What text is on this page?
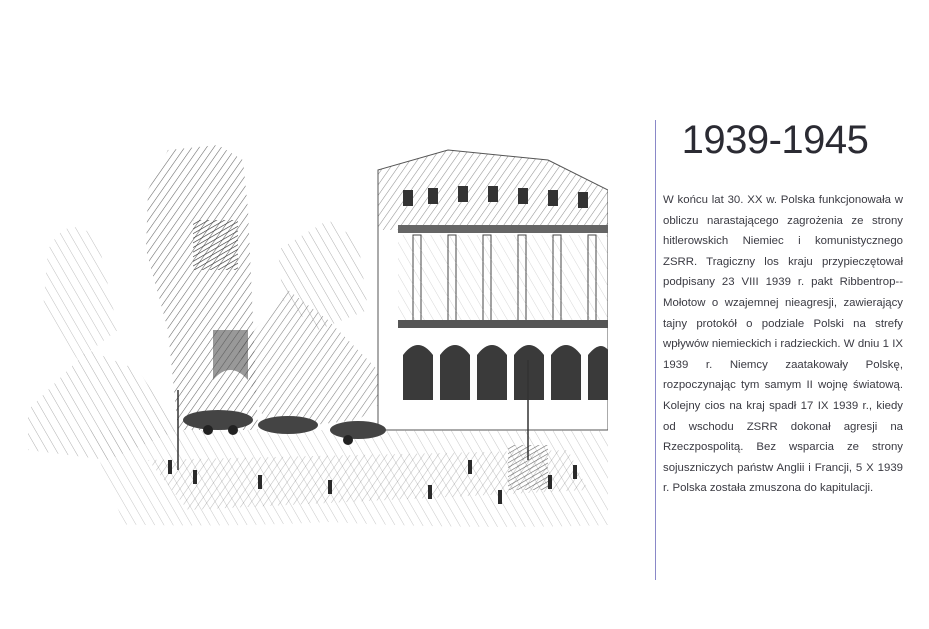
1939-1945

W końcu lat 30. XX w. Polska funkcjonowała w obliczu narastającego zagrożenia ze strony hitlerowskich Niemiec i komunistycznego ZSRR. Tragiczny los kraju przypieczętował podpisany 23 VIII 1939 r. pakt Ribbentrop--Mołotow o wzajemnej nieagresji, zawierający tajny protokół o podziale Polski na strefy wpływów niemieckich i radzieckich. W dniu 1 IX 1939 r. Niemcy zaatakowały Polskę, rozpoczynając tym samym II wojnę światową. Kolejny cios na kraj spadł 17 IX 1939 r., kiedy od wschodu ZSRR dokonał agresji na Rzeczpospolitą. Bez wsparcia ze strony sojuszniczych państw Anglii i Francji, 5 X 1939 r. Polska została zmuszona do kapitulacji.
